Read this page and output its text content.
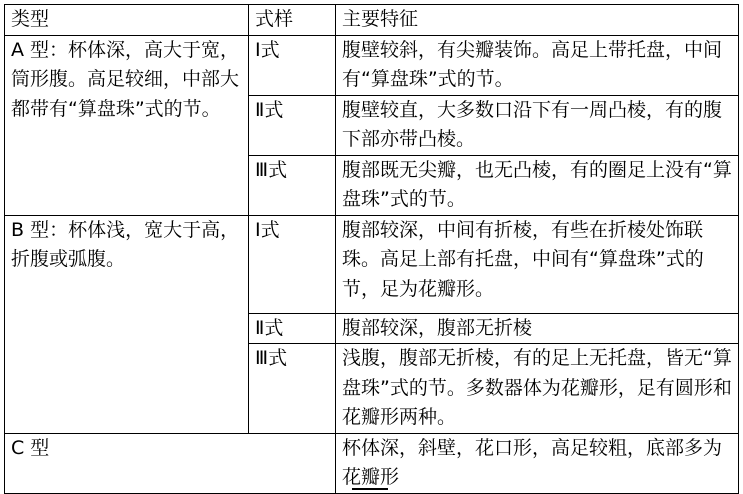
类型	式样	主要特征
A 型：杯体深，高大于宽，筒形腹。高足较细，中部大都带有“算盘珠”式的节。	Ⅰ式	腹壁较斜，有尖瓣装饰。高足上带托盘，中间有“算盘珠”式的节。
	Ⅱ式	腹壁较直，大多数口沿下有一周凸棱，有的腹下部亦带凸棱。
	Ⅲ式	腹部既无尖瓣，也无凸棱，有的圈足上没有“算盘珠”式的节。
B 型：杯体浅，宽大于高，折腹或弧腹。	Ⅰ式	腹部较深，中间有折棱，有些在折棱处饰联珠。高足上部有托盘，中间有“算盘珠”式的节，足为花瓣形。
	Ⅱ式	腹部较深，腹部无折棱
	Ⅲ式	浅腹，腹部无折棱，有的足上无托盘，皆无“算盘珠”式的节。多数器体为花瓣形，足有圆形和花瓣形两种。
C 型		杯体深，斜壁，花口形，高足较粗，底部多为花瓣形
